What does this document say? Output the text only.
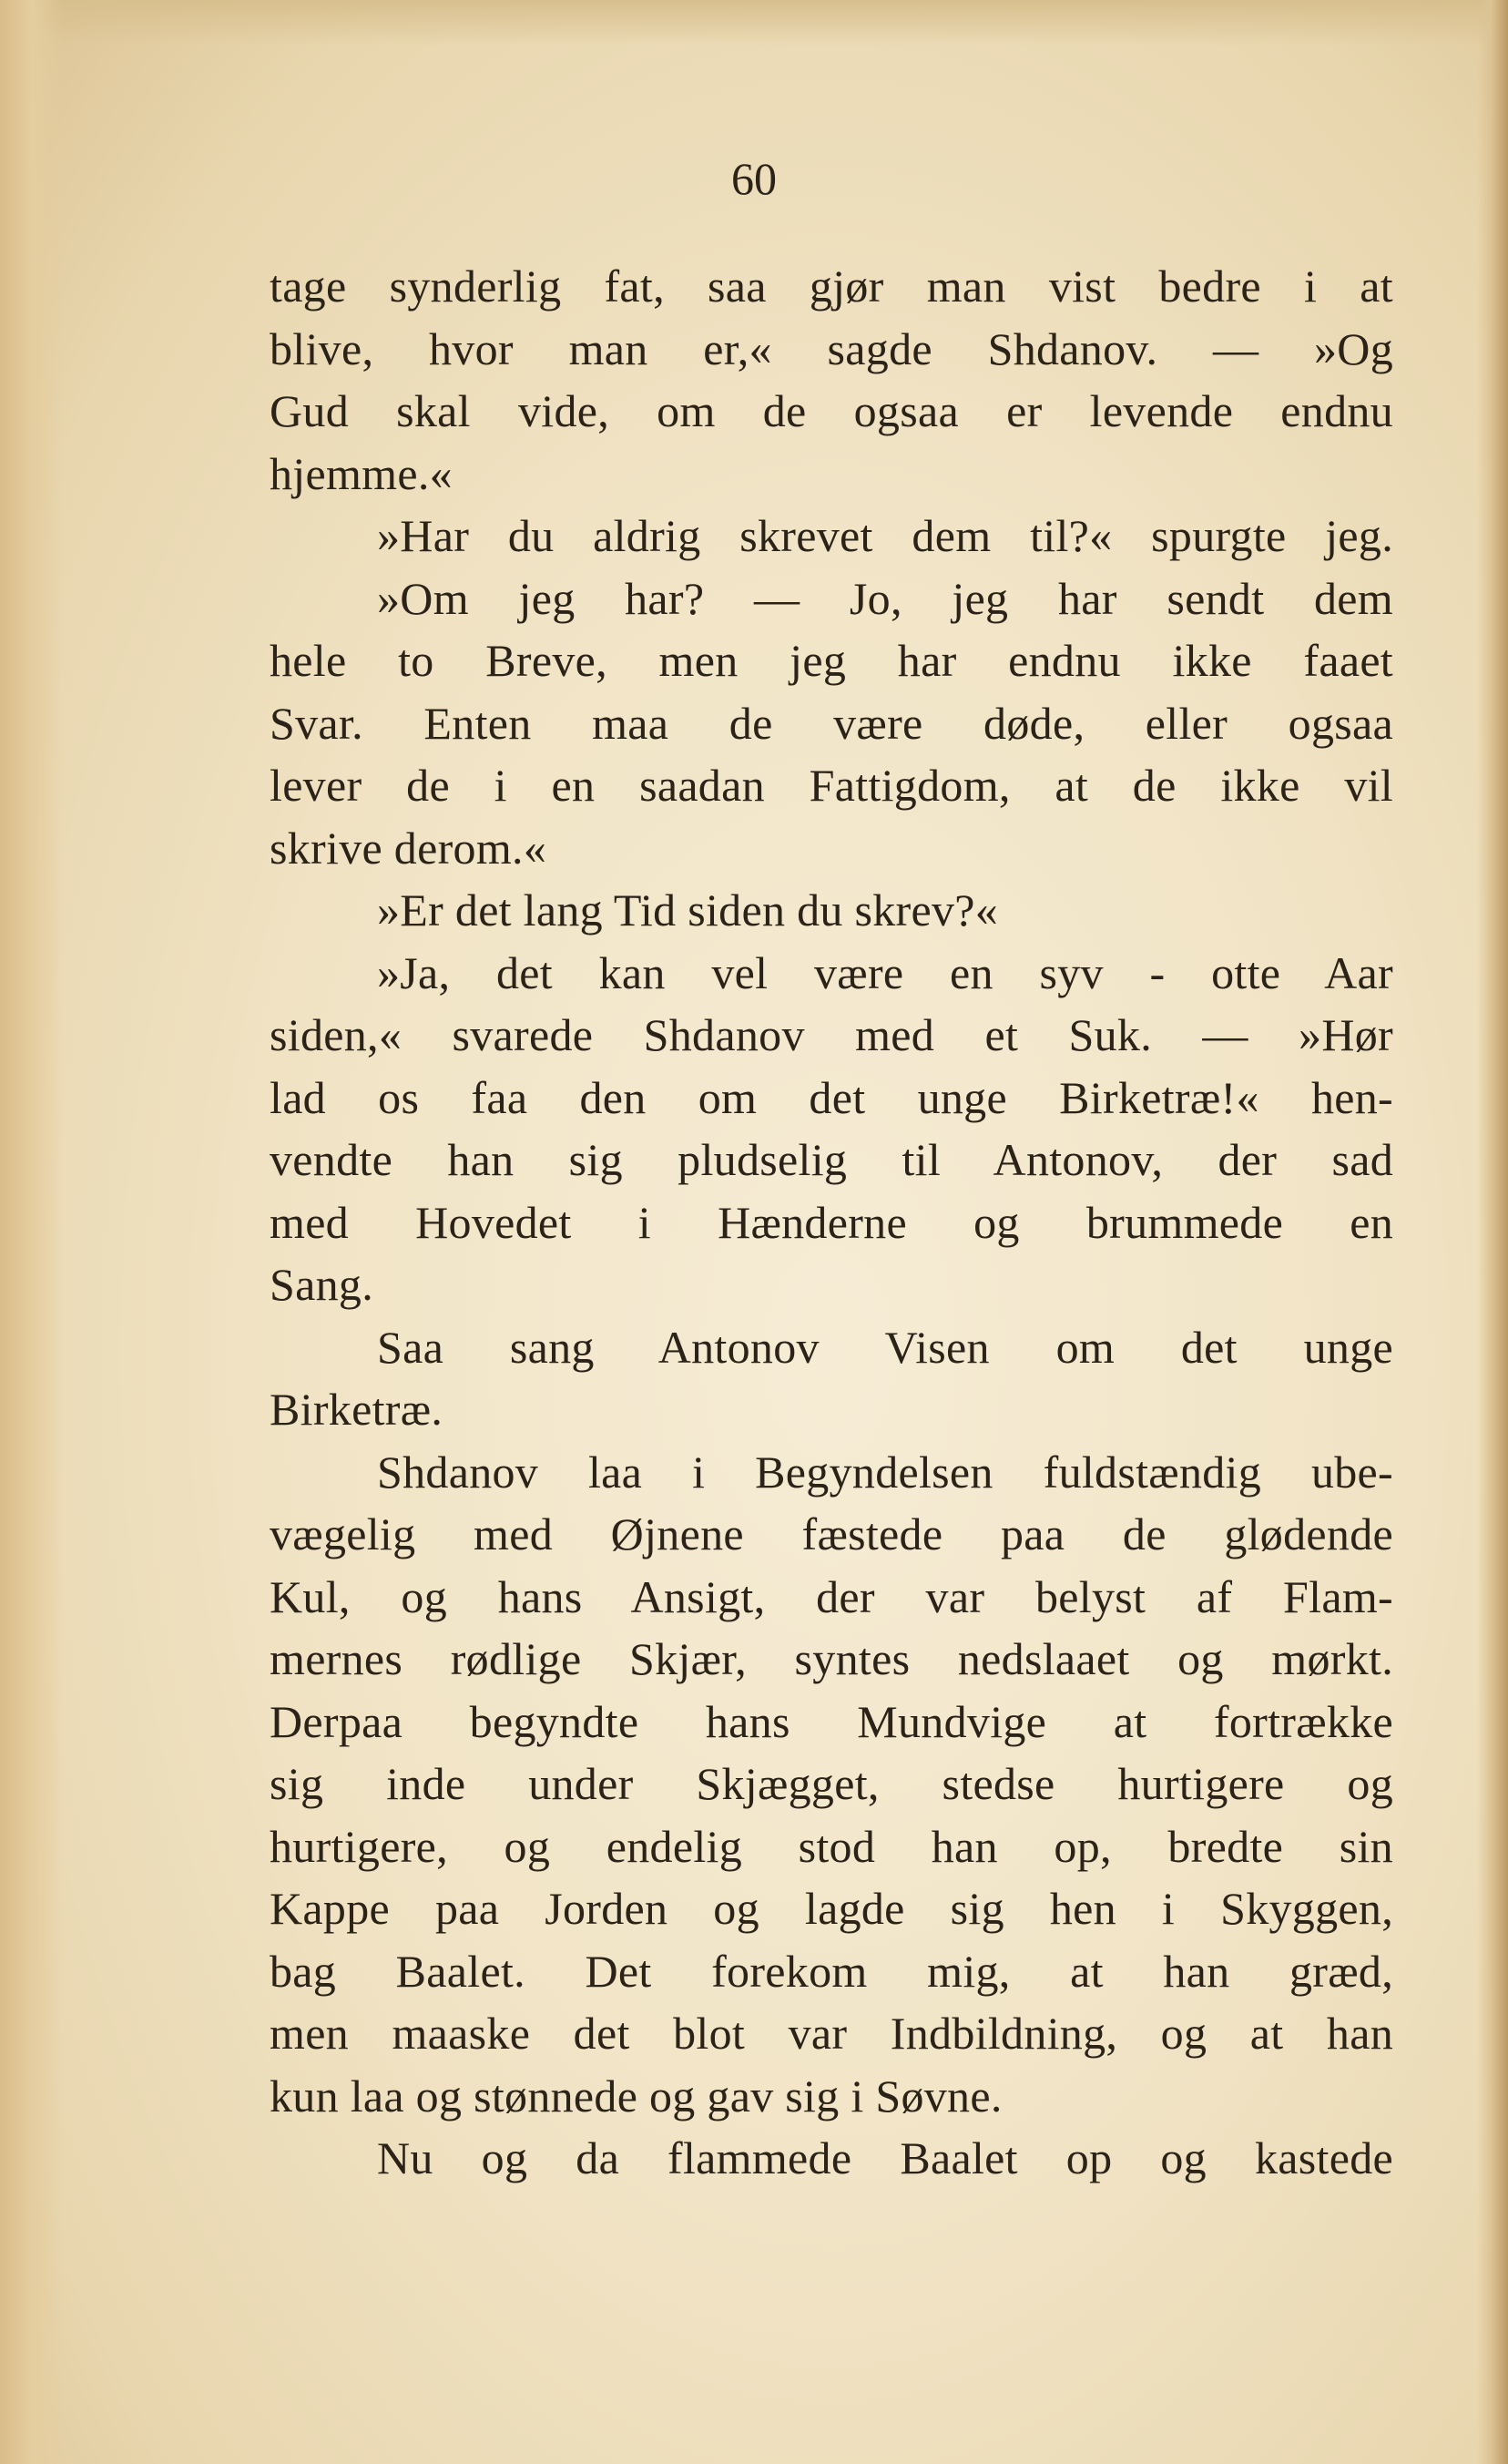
60
tage synderlig fat, saa gjør man vist bedre i at
blive, hvor man er,« sagde Shdanov. — »Og
Gud skal vide, om de ogsaa er levende endnu
hjemme.«
»Har du aldrig skrevet dem til?« spurgte jeg.
»Om jeg har? — Jo, jeg har sendt dem
hele to Breve, men jeg har endnu ikke faaet
Svar. Enten maa de være døde, eller ogsaa
lever de i en saadan Fattigdom, at de ikke vil
skrive derom.«
»Er det lang Tid siden du skrev?«
»Ja, det kan vel være en syv - otte Aar
siden,« svarede Shdanov med et Suk. — »Hør
lad os faa den om det unge Birketræ!« hen-
vendte han sig pludselig til Antonov, der sad
med Hovedet i Hænderne og brummede en
Sang.
Saa sang Antonov Visen om det unge
Birketræ.
Shdanov laa i Begyndelsen fuldstændig ube-
vægelig med Øjnene fæstede paa de glødende
Kul, og hans Ansigt, der var belyst af Flam-
mernes rødlige Skjær, syntes nedslaaet og mørkt.
Derpaa begyndte hans Mundvige at fortrække
sig inde under Skjægget, stedse hurtigere og
hurtigere, og endelig stod han op, bredte sin
Kappe paa Jorden og lagde sig hen i Skyggen,
bag Baalet. Det forekom mig, at han græd,
men maaske det blot var Indbildning, og at han
kun laa og stønnede og gav sig i Søvne.
Nu og da flammede Baalet op og kastede
